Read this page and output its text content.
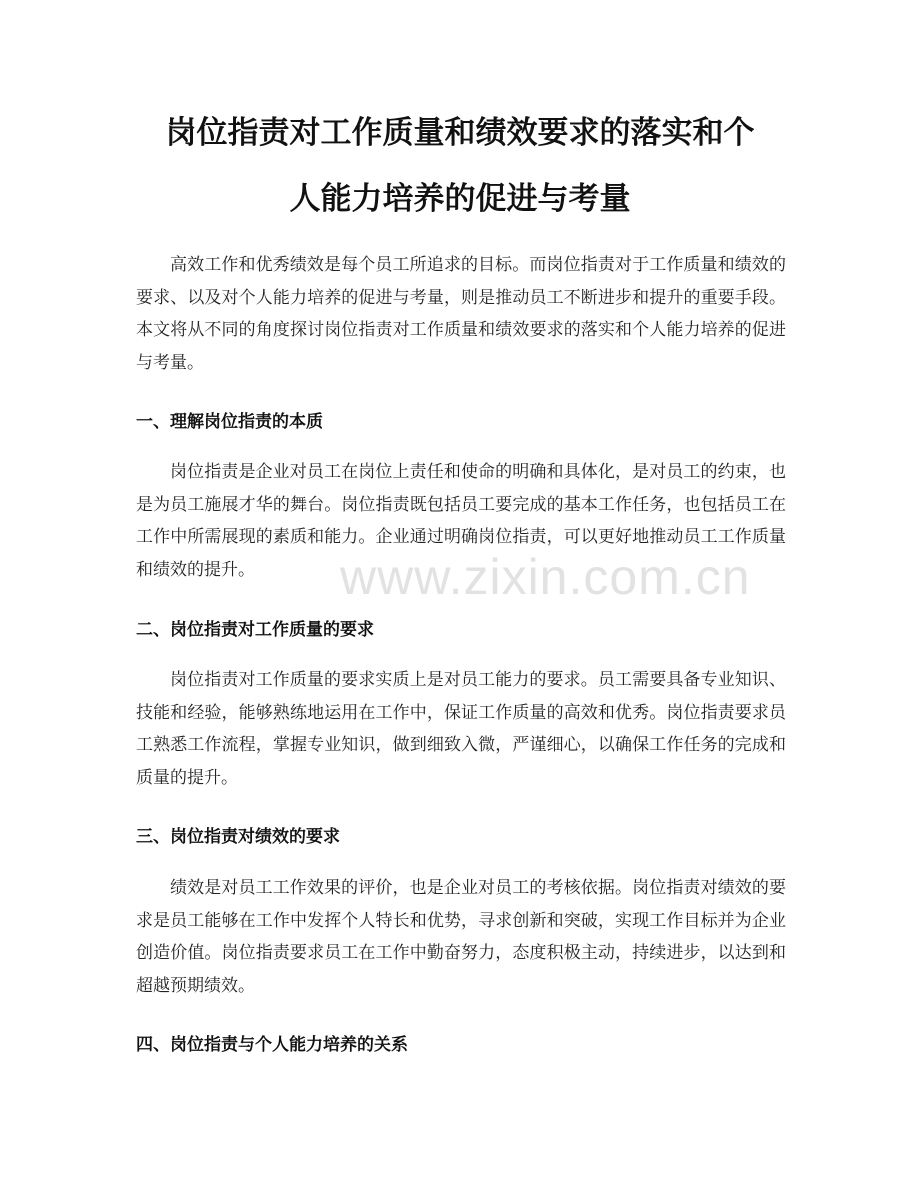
岗位指责对工作质量和绩效要求的落实和个
人能力培养的促进与考量

高效工作和优秀绩效是每个员工所追求的目标。而岗位指责对于工作质量和绩效的要求、以及对个人能力培养的促进与考量，则是推动员工不断进步和提升的重要手段。本文将从不同的角度探讨岗位指责对工作质量和绩效要求的落实和个人能力培养的促进与考量。

一、理解岗位指责的本质

岗位指责是企业对员工在岗位上责任和使命的明确和具体化，是对员工的约束，也是为员工施展才华的舞台。岗位指责既包括员工要完成的基本工作任务，也包括员工在工作中所需展现的素质和能力。企业通过明确岗位指责，可以更好地推动员工工作质量和绩效的提升。

二、岗位指责对工作质量的要求

岗位指责对工作质量的要求实质上是对员工能力的要求。员工需要具备专业知识、技能和经验，能够熟练地运用在工作中，保证工作质量的高效和优秀。岗位指责要求员工熟悉工作流程，掌握专业知识，做到细致入微，严谨细心，以确保工作任务的完成和质量的提升。

三、岗位指责对绩效的要求

绩效是对员工工作效果的评价，也是企业对员工的考核依据。岗位指责对绩效的要求是员工能够在工作中发挥个人特长和优势，寻求创新和突破，实现工作目标并为企业创造价值。岗位指责要求员工在工作中勤奋努力，态度积极主动，持续进步，以达到和超越预期绩效。

四、岗位指责与个人能力培养的关系
www.zixin.com.cn
